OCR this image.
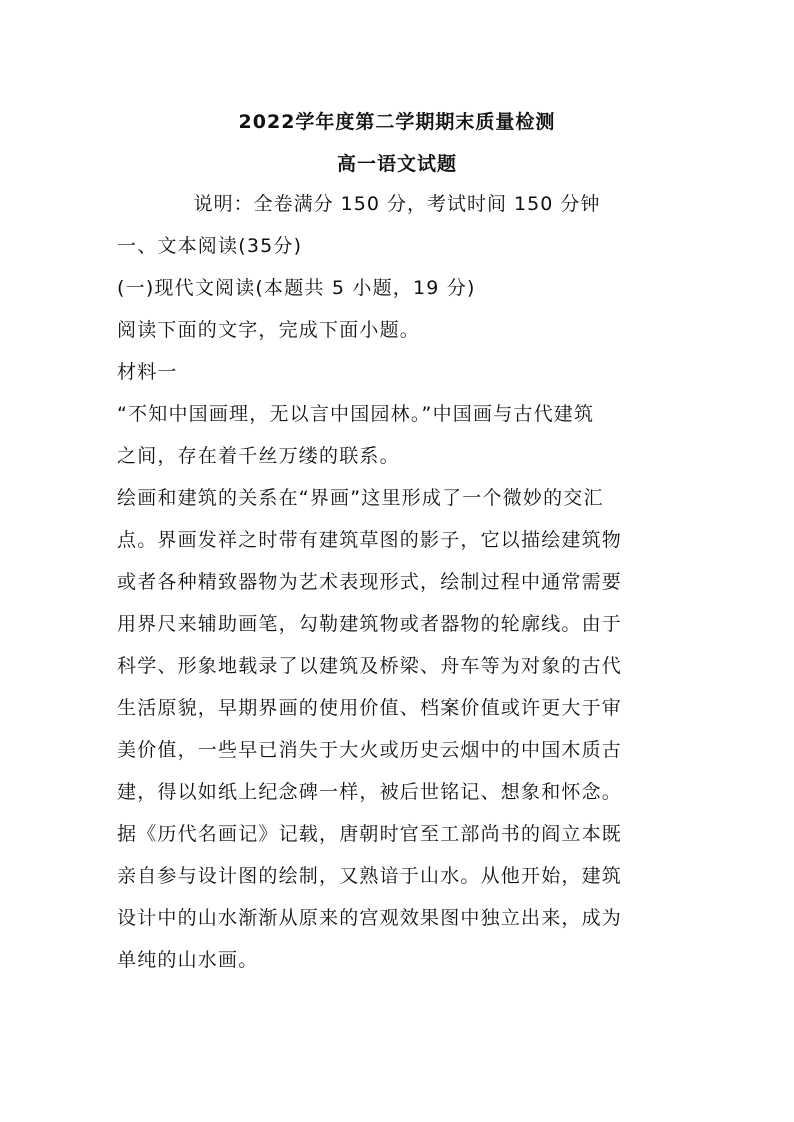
2022学年度第二学期期末质量检测
高一语文试题
说明：全卷满分 150 分，考试时间 150 分钟
一、文本阅读(35分)
(一)现代文阅读(本题共 5 小题，19 分)
阅读下面的文字，完成下面小题。
材料一
“不知中国画理，无以言中国园林。”中国画与古代建筑
之间，存在着千丝万缕的联系。
绘画和建筑的关系在“界画”这里形成了一个微妙的交汇
点。界画发祥之时带有建筑草图的影子，它以描绘建筑物
或者各种精致器物为艺术表现形式，绘制过程中通常需要
用界尺来辅助画笔，勾勒建筑物或者器物的轮廓线。由于
科学、形象地载录了以建筑及桥梁、舟车等为对象的古代
生活原貌，早期界画的使用价值、档案价值或许更大于审
美价值，一些早已消失于大火或历史云烟中的中国木质古
建，得以如纸上纪念碑一样，被后世铭记、想象和怀念。
据《历代名画记》记载，唐朝时官至工部尚书的阎立本既
亲自参与设计图的绘制，又熟谙于山水。从他开始，建筑
设计中的山水渐渐从原来的宫观效果图中独立出来，成为
单纯的山水画。
